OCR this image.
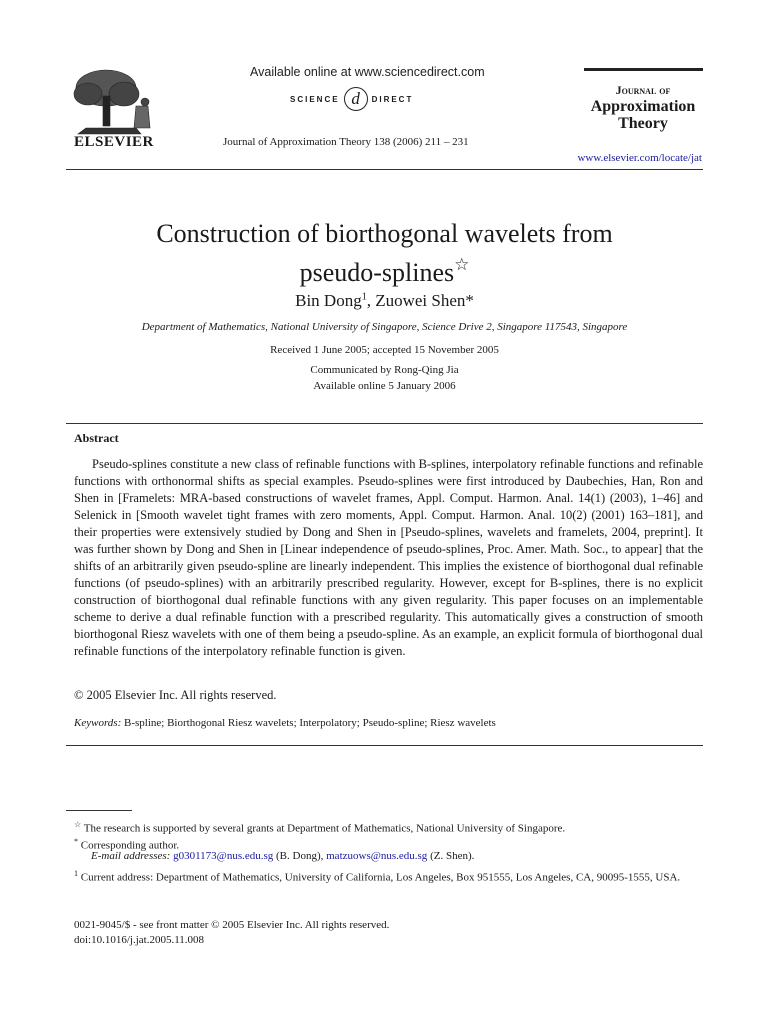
ELSEVIER
Available online at www.sciencedirect.com
SCIENCE d	DIRECT
Journal of Approximation Theory 138 (2006) 211 – 231
Journal of
Approximation
Theory
www.elsevier.com/locate/jat
Construction of biorthogonal wavelets from
pseudo-splines☆
Bin Dong$^1$, Zuowei Shen*
Department of Mathematics, National University of Singapore, Science Drive 2, Singapore 117543, Singapore
Received 1 June 2005; accepted 15 November 2005
Communicated by Rong-Qing Jia
Available online 5 January 2006
Abstract

Pseudo-splines constitute a new class of refinable functions with B-splines, interpolatory refinable functions and refinable functions with orthonormal shifts as special examples. Pseudo-splines were first introduced by Daubechies, Han, Ron and Shen in [Framelets: MRA-based constructions of wavelet frames, Appl. Comput. Harmon. Anal. 14(1) (2003), 1–46] and Selenick in [Smooth wavelet tight frames with zero moments, Appl. Comput. Harmon. Anal. 10(2) (2001) 163–181], and their properties were extensively studied by Dong and Shen in [Pseudo-splines, wavelets and framelets, 2004, preprint]. It was further shown by Dong and Shen in [Linear independence of pseudo-splines, Proc. Amer. Math. Soc., to appear] that the shifts of an arbitrarily given pseudo-spline are linearly independent. This implies the existence of biorthogonal dual refinable functions (of pseudo-splines) with an arbitrarily prescribed regularity. However, except for B-splines, there is no explicit construction of biorthogonal dual refinable functions with any given regularity. This paper focuses on an implementable scheme to derive a dual refinable function with a prescribed regularity. This automatically gives a construction of smooth biorthogonal Riesz wavelets with one of them being a pseudo-spline. As an example, an explicit formula of biorthogonal dual refinable functions of the interpolatory refinable function is given.

© 2005 Elsevier Inc. All rights reserved.
Keywords: B-spline; Biorthogonal Riesz wavelets; Interpolatory; Pseudo-spline; Riesz wavelets
☆ The research is supported by several grants at Department of Mathematics, National University of Singapore.
* Corresponding author.
E-mail addresses: g0301173@nus.edu.sg (B. Dong), matzuows@nus.edu.sg (Z. Shen).
$^1$ Current address: Department of Mathematics, University of California, Los Angeles, Box 951555, Los Angeles, CA, 90095-1555, USA.
0021-9045/$ - see front matter © 2005 Elsevier Inc. All rights reserved.
doi:10.1016/j.jat.2005.11.008
